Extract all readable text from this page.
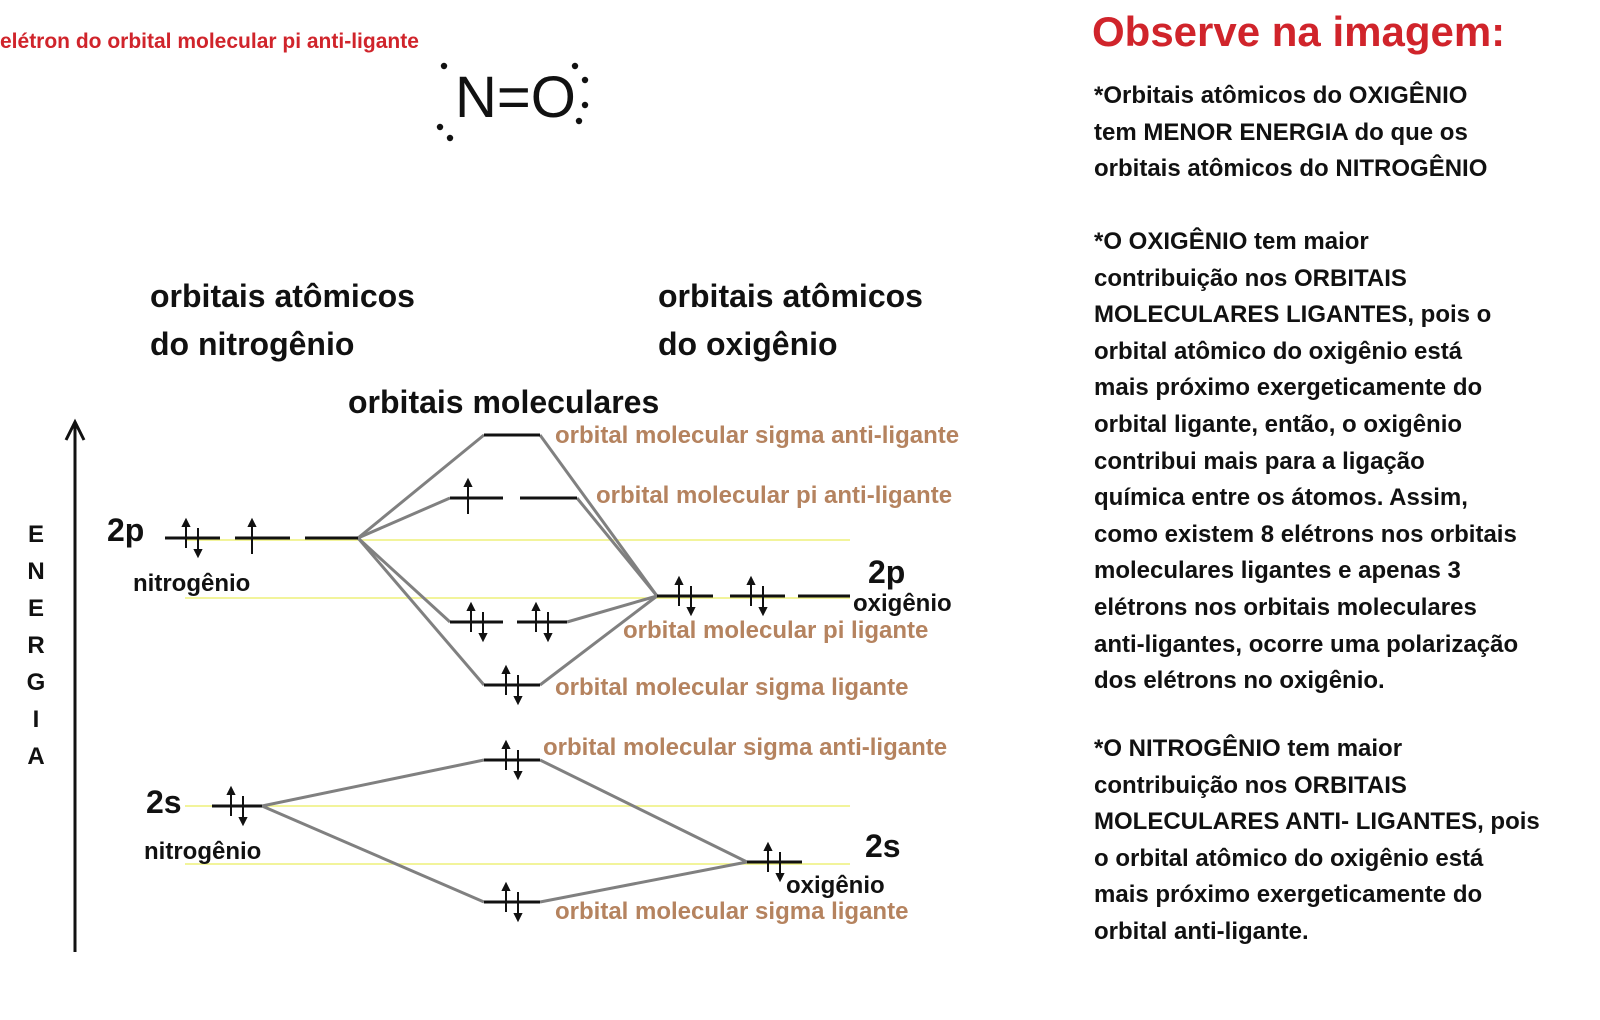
elétron do orbital molecular pi anti-ligante
N=O
orbitais atômicos
do nitrogênio
orbitais atômicos
do oxigênio
orbitais moleculares
E
N
E
R
G
I
A
2p
nitrogênio	2p
oxigênio
2s
nitrogênio	2s
oxigênio
orbital molecular sigma anti-ligante
orbital molecular pi anti-ligante
orbital molecular pi ligante
orbital molecular sigma ligante
orbital molecular sigma anti-ligante
orbital molecular sigma ligante
Observe na imagem:
*Orbitais atômicos do OXIGÊNIO
tem MENOR ENERGIA do que os
orbitais atômicos do NITROGÊNIO
*O OXIGÊNIO tem maior
contribuição nos ORBITAIS
MOLECULARES LIGANTES, pois o
orbital atômico do oxigênio está
mais próximo exergeticamente do
orbital ligante, então, o oxigênio
contribui mais para a ligação
química entre os átomos. Assim,
como existem 8 elétrons nos orbitais
moleculares ligantes e apenas 3
elétrons nos orbitais moleculares
anti-ligantes, ocorre uma polarização
dos elétrons no oxigênio.
*O NITROGÊNIO tem maior
contribuição nos ORBITAIS
MOLECULARES ANTI- LIGANTES, pois
o orbital atômico do oxigênio está
mais próximo exergeticamente do
orbital anti-ligante.
